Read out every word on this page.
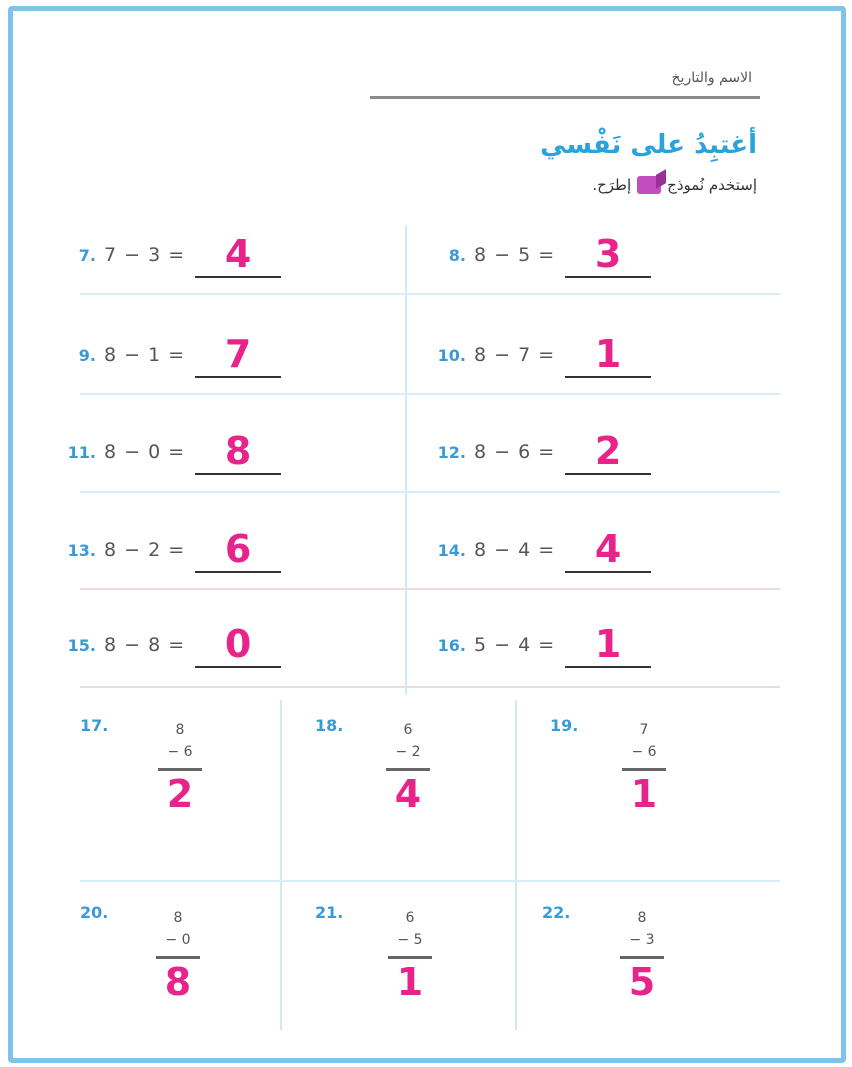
الاسم والتاريخ
أغتبِدُ على نَفْسي
إستخدم نُموذج
إطرَح.
7. 7 − 3 =	4	8. 8 − 5 =	3
9. 8 − 1 =	7	10. 8 − 7 =	1
11. 8 − 0 =	8	12. 8 − 6 =	2
13. 8 − 2 =	6	14. 8 − 4 =	4
15. 8 − 8 =	0	16. 5 − 4 =	1
17.	8
− 6
2
18.	6
− 2
4
19.	7
− 6
1
20.	8
− 0
8
21.	6
− 5
1
22.	8
− 3
5
